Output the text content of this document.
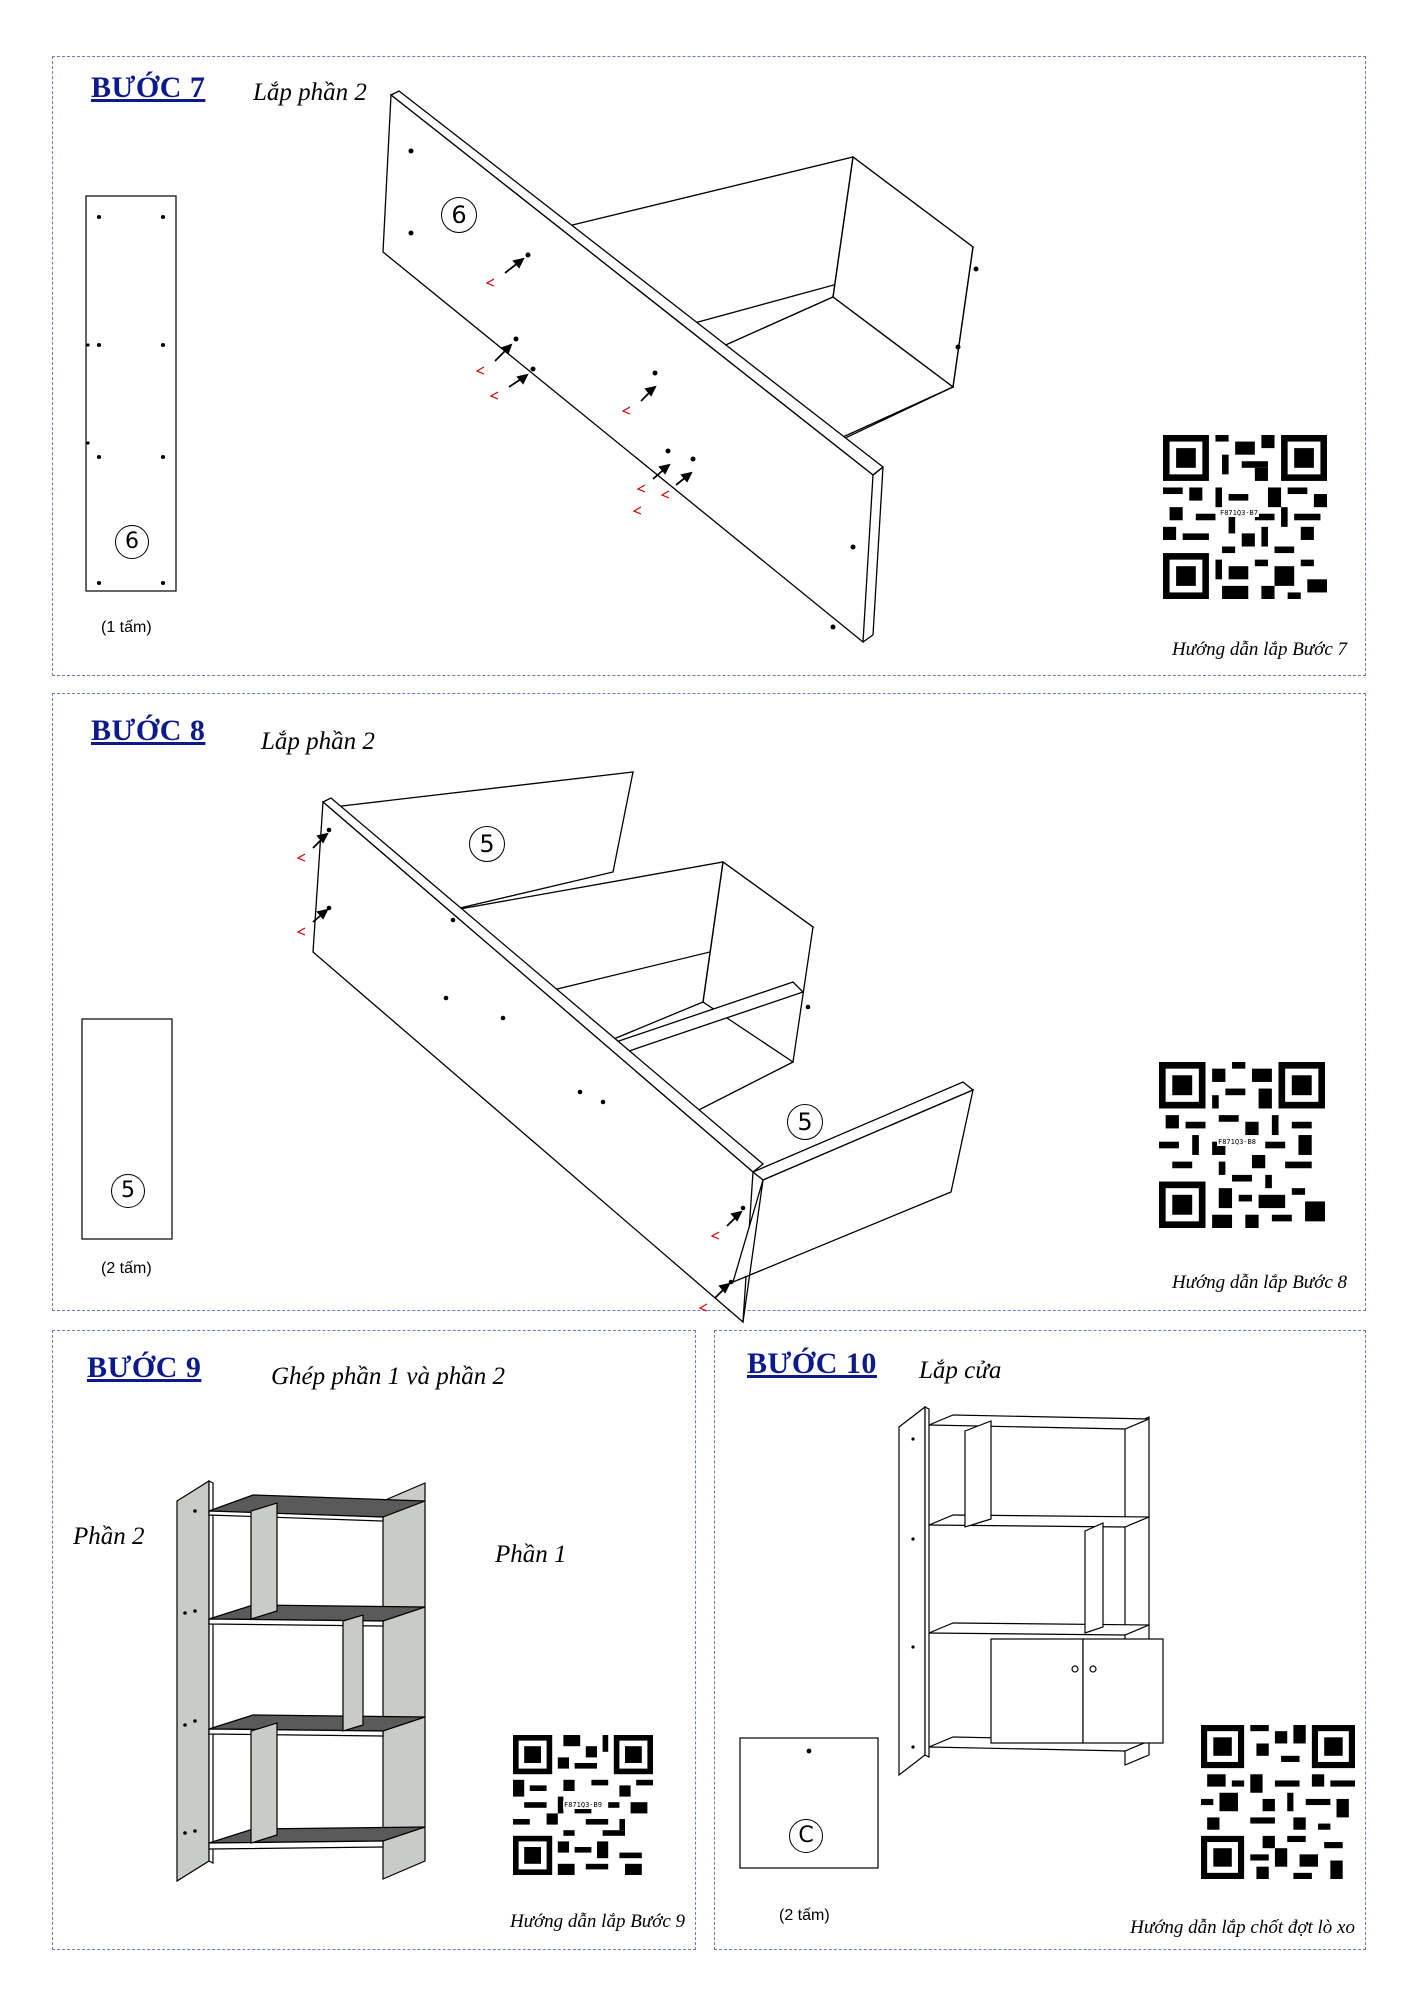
BƯỚC 7 Lắp phần 2
6
(1 tấm)
6
F871Q3-B7
Hướng dẫn lắp Bước 7
BƯỚC 8 Lắp phần 2
5
(2 tấm)
5
5
F871Q3-B8
Hướng dẫn lắp Bước 8
BƯỚC 9	Ghép phần 1 và phần 2
Phần 2
Phần 1
F871Q3-B9
Hướng dẫn lắp Bước 9
BƯỚC 10 Lắp cửa
C
(2 tấm)
Hướng dẫn lắp chốt đợt lò xo
